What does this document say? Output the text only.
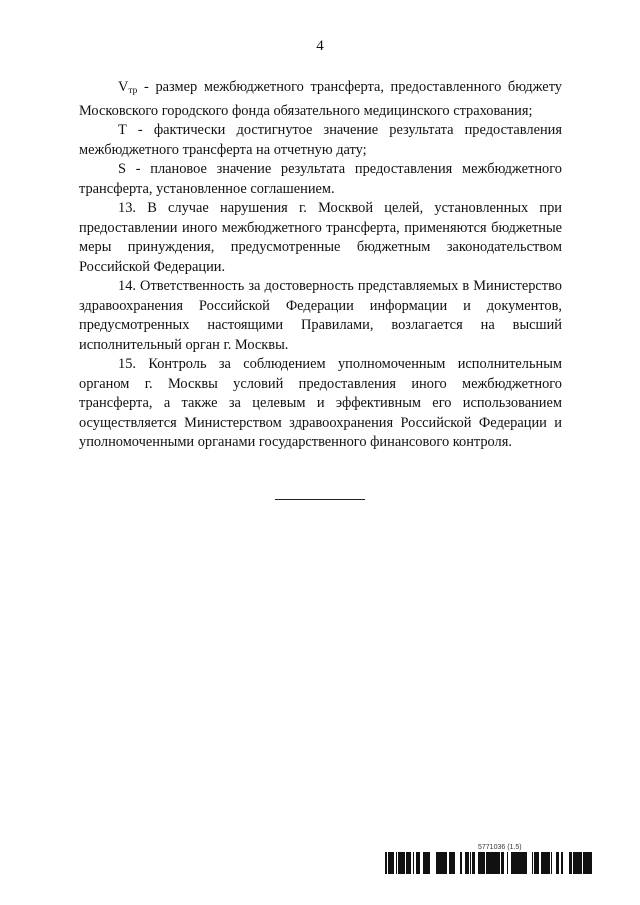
4

$V_{тр}$ - размер межбюджетного трансферта, предоставленного бюджету Московского городского фонда обязательного медицинского страхования;

Т - фактически достигнутое значение результата предоставления межбюджетного трансферта на отчетную дату;

S - плановое значение результата предоставления межбюджетного трансферта, установленное соглашением.

13. В случае нарушения г. Москвой целей, установленных при предоставлении иного межбюджетного трансферта, применяются бюджетные меры принуждения, предусмотренные бюджетным законодательством Российской Федерации.

14. Ответственность за достоверность представляемых в Министерство здравоохранения Российской Федерации информации и документов, предусмотренных настоящими Правилами, возлагается на высший исполнительный орган г. Москвы.

15. Контроль за соблюдением уполномоченным исполнительным органом г. Москвы условий предоставления иного межбюджетного трансферта, а также за целевым и эффективным его использованием осуществляется Министерством здравоохранения Российской Федерации и уполномоченными органами государственного финансового контроля.

5771036 (1.5)
